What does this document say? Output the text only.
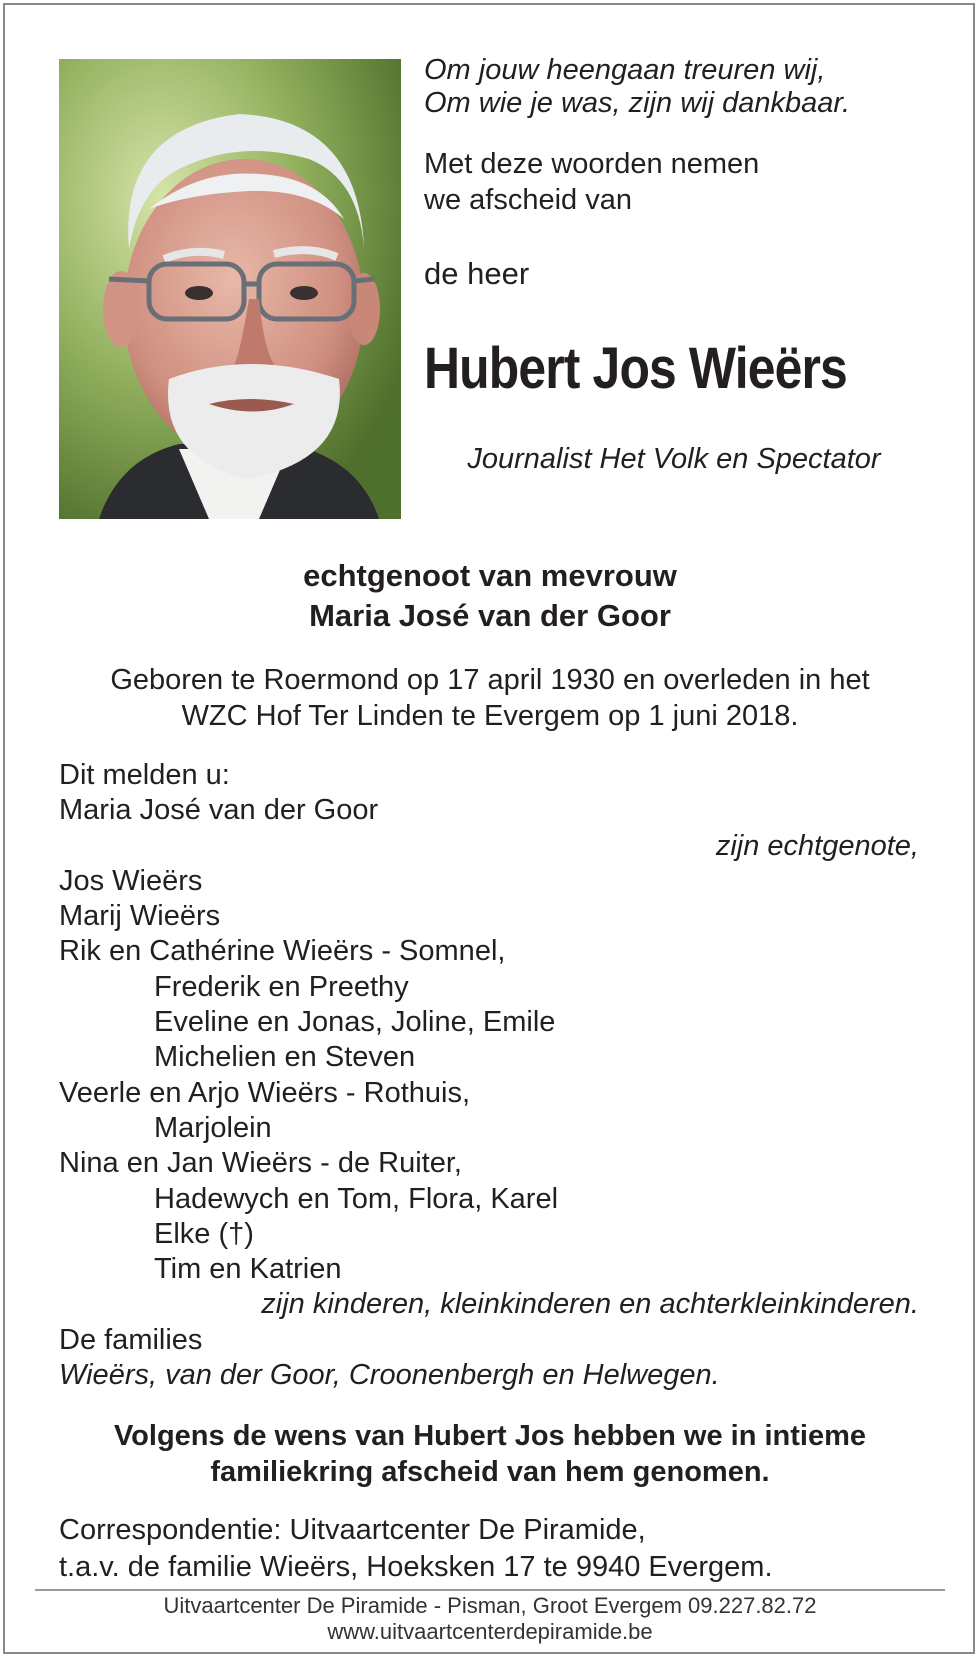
Om jouw heengaan treuren wij,
Om wie je was, zijn wij dankbaar.
Met deze woorden nemen
we afscheid van
de heer
Hubert Jos Wieërs
Journalist Het Volk en Spectator
echtgenoot van mevrouw
Maria José van der Goor
Geboren te Roermond op 17 april 1930 en overleden in het
WZC Hof Ter Linden te Evergem op 1 juni 2018.
Dit melden u:
Maria José van der Goor
zijn echtgenote,
Jos Wieërs
Marij Wieërs
Rik en Cathérine Wieërs - Somnel,
Frederik en Preethy
Eveline en Jonas, Joline, Emile
Michelien en Steven
Veerle en Arjo Wieërs - Rothuis,
Marjolein
Nina en Jan Wieërs - de Ruiter,
Hadewych en Tom, Flora, Karel
Elke (†)
Tim en Katrien
zijn kinderen, kleinkinderen en achterkleinkinderen.
De families
Wieërs, van der Goor, Croonenbergh en Helwegen.
Volgens de wens van Hubert Jos hebben we in intieme
familiekring afscheid van hem genomen.
Correspondentie: Uitvaartcenter De Piramide,
t.a.v. de familie Wieërs, Hoeksken 17 te 9940 Evergem.
Uitvaartcenter De Piramide - Pisman, Groot Evergem 09.227.82.72
www.uitvaartcenterdepiramide.be
